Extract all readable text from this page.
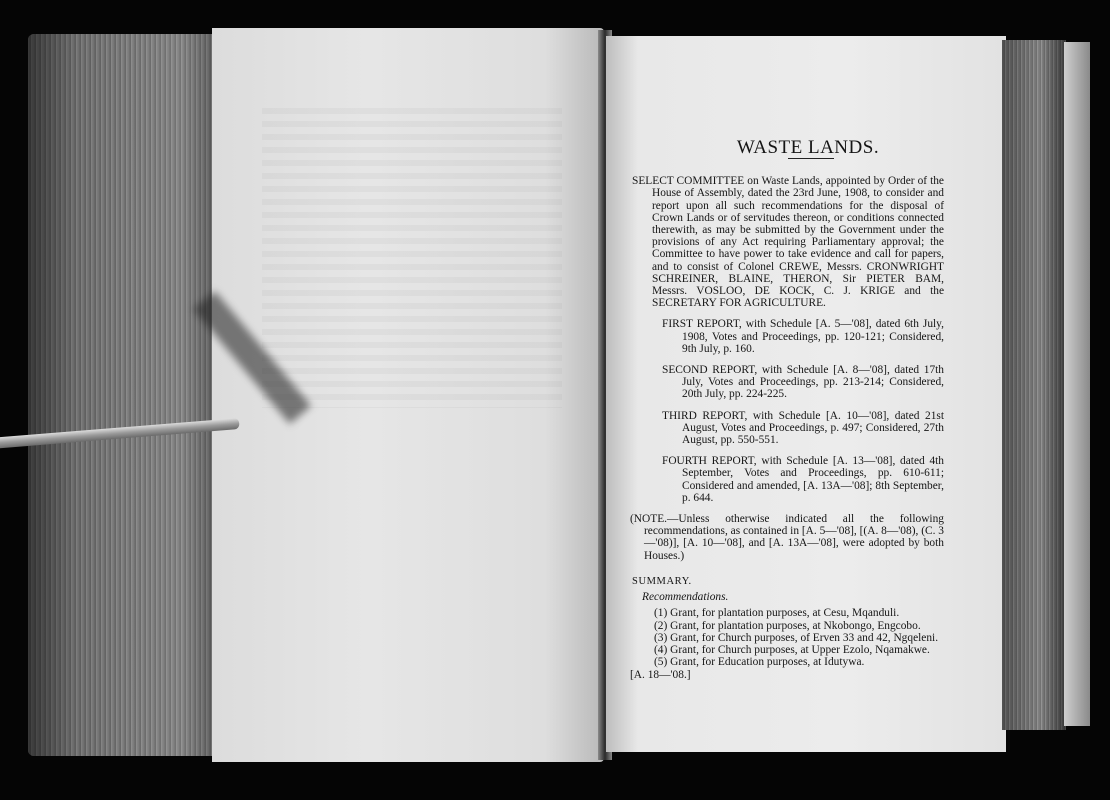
WASTE LANDS.

SELECT COMMITTEE on Waste Lands, appointed by Order of the House of Assembly, dated the 23rd June, 1908, to consider and report upon all such recommendations for the disposal of Crown Lands or of servitudes thereon, or conditions connected therewith, as may be submitted by the Government under the provisions of any Act requiring Parliamentary approval; the Committee to have power to take evidence and call for papers, and to consist of Colonel CREWE, Messrs. CRONWRIGHT SCHREINER, BLAINE, THERON, Sir PIETER BAM, Messrs. VOSLOO, DE KOCK, C. J. KRIGE and the SECRETARY FOR AGRICULTURE.

FIRST REPORT, with Schedule [A. 5—'08], dated 6th July, 1908, Votes and Proceedings, pp. 120-121; Considered, 9th July, p. 160.

SECOND REPORT, with Schedule [A. 8—'08], dated 17th July, Votes and Proceedings, pp. 213-214; Considered, 20th July, pp. 224-225.

THIRD REPORT, with Schedule [A. 10—'08], dated 21st August, Votes and Proceedings, p. 497; Considered, 27th August, pp. 550-551.

FOURTH REPORT, with Schedule [A. 13—'08], dated 4th September, Votes and Proceedings, pp. 610-611; Considered and amended, [A. 13A—'08]; 8th September, p. 644.

(NOTE.—Unless otherwise indicated all the following recommendations, as contained in [A. 5—'08], [(A. 8—'08), (C. 3—'08)], [A. 10—'08], and [A. 13A—'08], were adopted by both Houses.)

SUMMARY.
Recommendations.

(1) Grant, for plantation purposes, at Cesu, Mqanduli.

(2) Grant, for plantation purposes, at Nkobongo, Engcobo.

(3) Grant, for Church purposes, of Erven 33 and 42, Ngqeleni.

(4) Grant, for Church purposes, at Upper Ezolo, Nqamakwe.

(5) Grant, for Education purposes, at Idutywa.

[A. 18—'08.]
